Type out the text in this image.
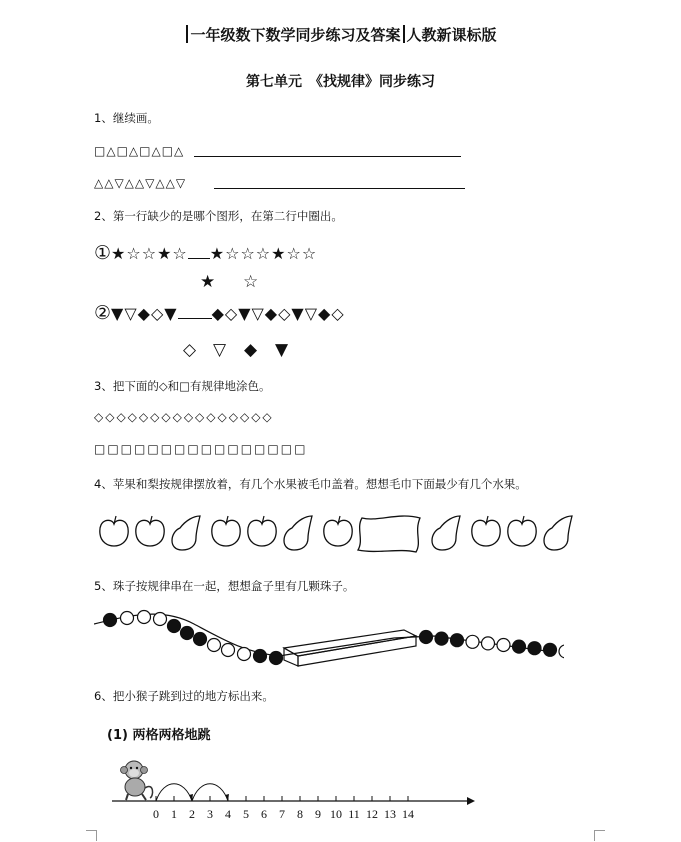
一年级数下数学同步练习及答案 人教新课标版
第七单元　《找规律》同步练习
1、继续画。
□△□△□△□△
△△▽△△▽△△▽
2、第一行缺少的是哪个图形，在第二行中圈出。
①★☆☆★☆ ★☆☆☆★☆☆
★ ☆
②▼▽◆◇▼ ◆◇▼▽◆◇▼▽◆◇
◇ ▽ ◆ ▼
3、把下面的◇和□有规律地涂色。
◇◇◇◇◇◇◇◇◇◇◇◇◇◇◇◇
□□□□□□□□□□□□□□□□
4、苹果和梨按规律摆放着，有几个水果被毛巾盖着。想想毛巾下面最少有几个水果。
5、珠子按规律串在一起，想想盒子里有几颗珠子。
6、把小猴子跳到过的地方标出来。
(1) 两格两格地跳
0 1 2 3 4 5 6 7 8 9 10 11 12 13 14
